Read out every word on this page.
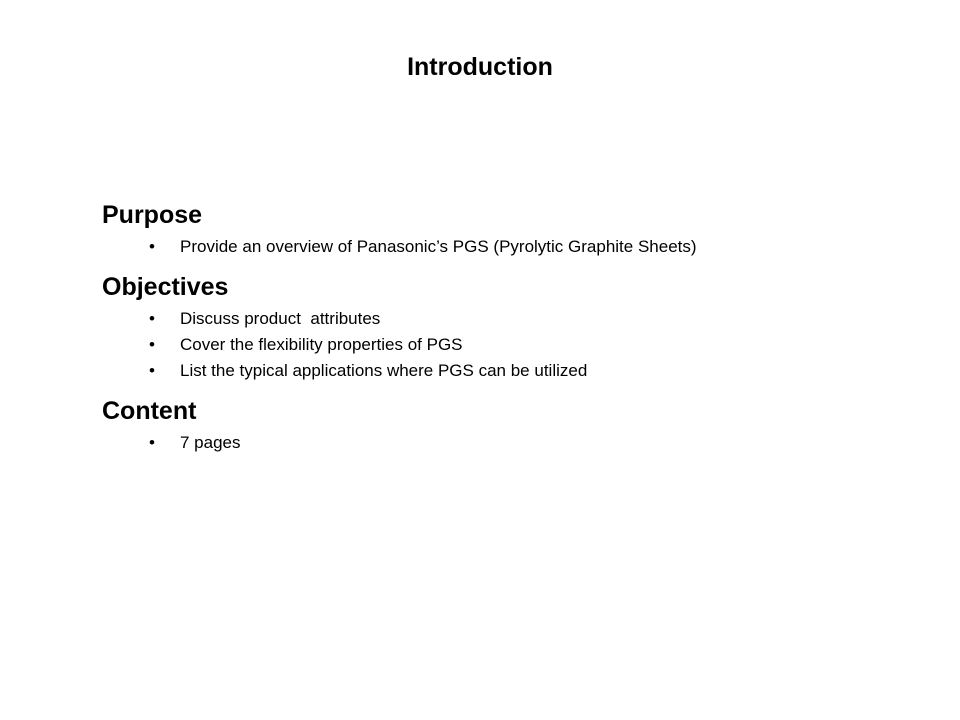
Introduction
Purpose
• Provide an overview of Panasonic’s PGS (Pyrolytic Graphite Sheets)
Objectives
• Discuss product  attributes
• Cover the flexibility properties of PGS
• List the typical applications where PGS can be utilized
Content
• 7 pages
